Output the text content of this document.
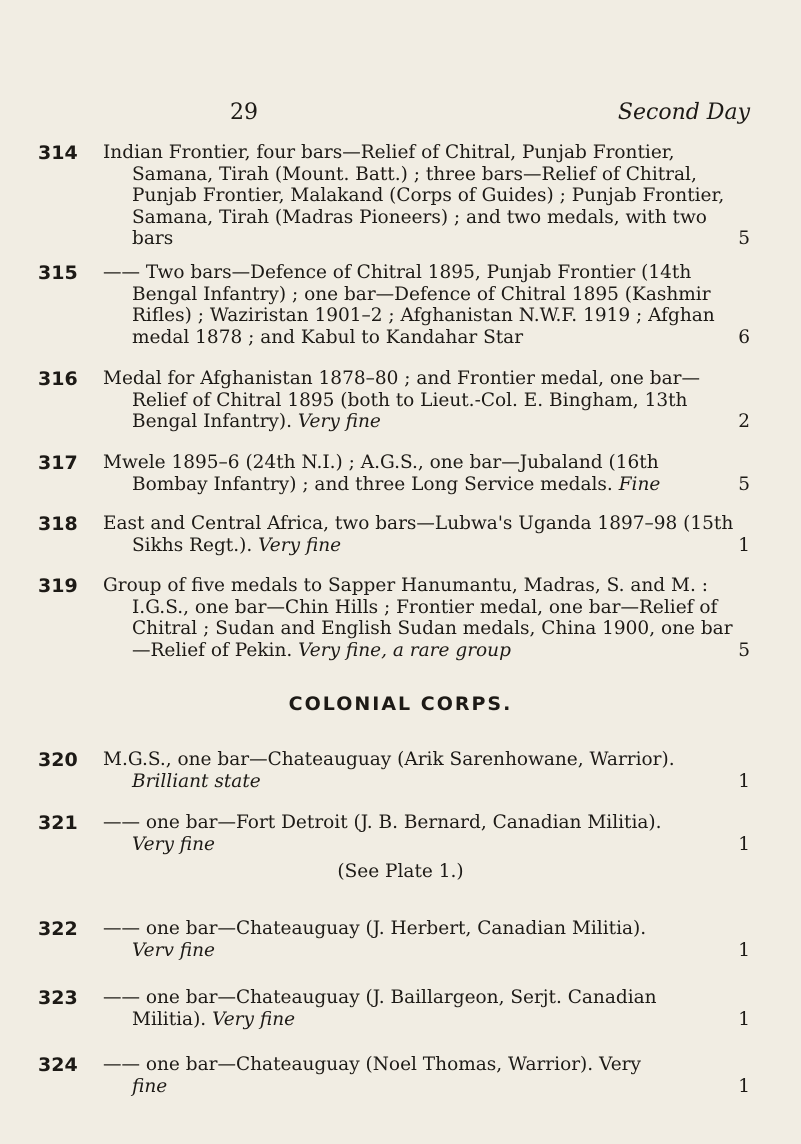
29	Second Day
314 Indian Frontier, four bars—Relief of Chitral, Punjab Frontier,
Samana, Tirah (Mount. Batt.) ; three bars—Relief of Chitral, Punjab Frontier, Malakand (Corps of Guides) ; Punjab Frontier, Samana, Tirah (Madras Pioneers) ; and two medals, with two bars	5
315 —— Two bars—Defence of Chitral 1895, Punjab Frontier (14th
Bengal Infantry) ; one bar—Defence of Chitral 1895 (Kashmir Rifles) ; Waziristan 1901–2 ; Afghanistan N.W.F. 1919 ; Afghan medal 1878 ; and Kabul to Kandahar Star	6
316 Medal for Afghanistan 1878–80 ; and Frontier medal, one bar—
Relief of Chitral 1895 (both to Lieut.-Col. E. Bingham, 13th Bengal Infantry). Very fine	2
317 Mwele 1895–6 (24th N.I.) ; A.G.S., one bar—Jubaland (16th
Bombay Infantry) ; and three Long Service medals. Fine	5
318 East and Central Africa, two bars—Lubwa's Uganda 1897–98 (15th
Sikhs Regt.). Very fine	1
319 Group of five medals to Sapper Hanumantu, Madras, S. and M. :
I.G.S., one bar—Chin Hills ; Frontier medal, one bar—Relief of Chitral ; Sudan and English Sudan medals, China 1900, one bar—Relief of Pekin. Very fine, a rare group	5
COLONIAL CORPS.
320 M.G.S., one bar—Chateauguay (Arik Sarenhowane, Warrior).
Brilliant state	1
321 —— one bar—Fort Detroit (J. B. Bernard, Canadian Militia).
Very fine	1
(See Plate 1.)
322 —— one bar—Chateauguay (J. Herbert, Canadian Militia).
Verv fine	1
323 —— one bar—Chateauguay (J. Baillargeon, Serjt. Canadian
Militia). Very fine	1
324 —— one bar—Chateauguay (Noel Thomas, Warrior). Very
fine	1
